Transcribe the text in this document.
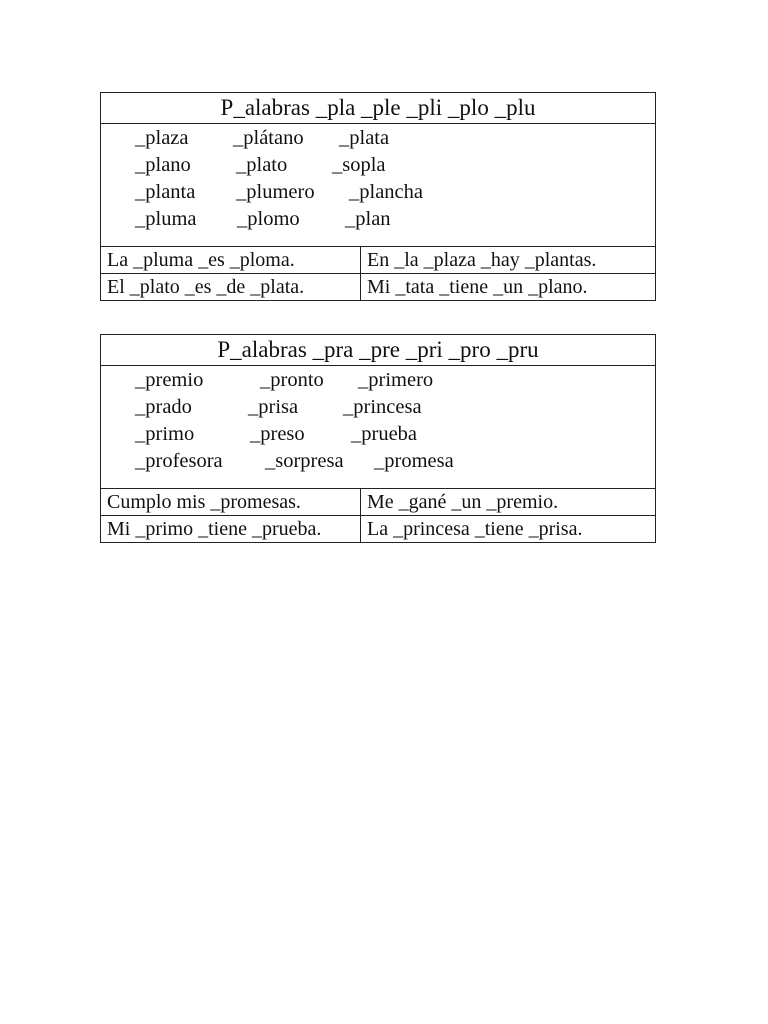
P_alabras _pla _ple _pli _plo _plu
_plaza _plátano _plata
_plano _plato _sopla
_planta _plumero _plancha
_pluma _plomo _plan
La _pluma _es _ploma.	En _la _plaza _hay _plantas.
El _plato _es _de _plata.	Mi _tata _tiene _un _plano.
P_alabras _pra _pre _pri _pro _pru
_premio	_pronto _primero
_prado	_prisa _princesa
_primo	_preso _prueba
_profesora _sorpresa _promesa
Cumplo mis _promesas.	Me _gané _un _premio.
Mi _primo _tiene _prueba.	La _princesa _tiene _prisa.
